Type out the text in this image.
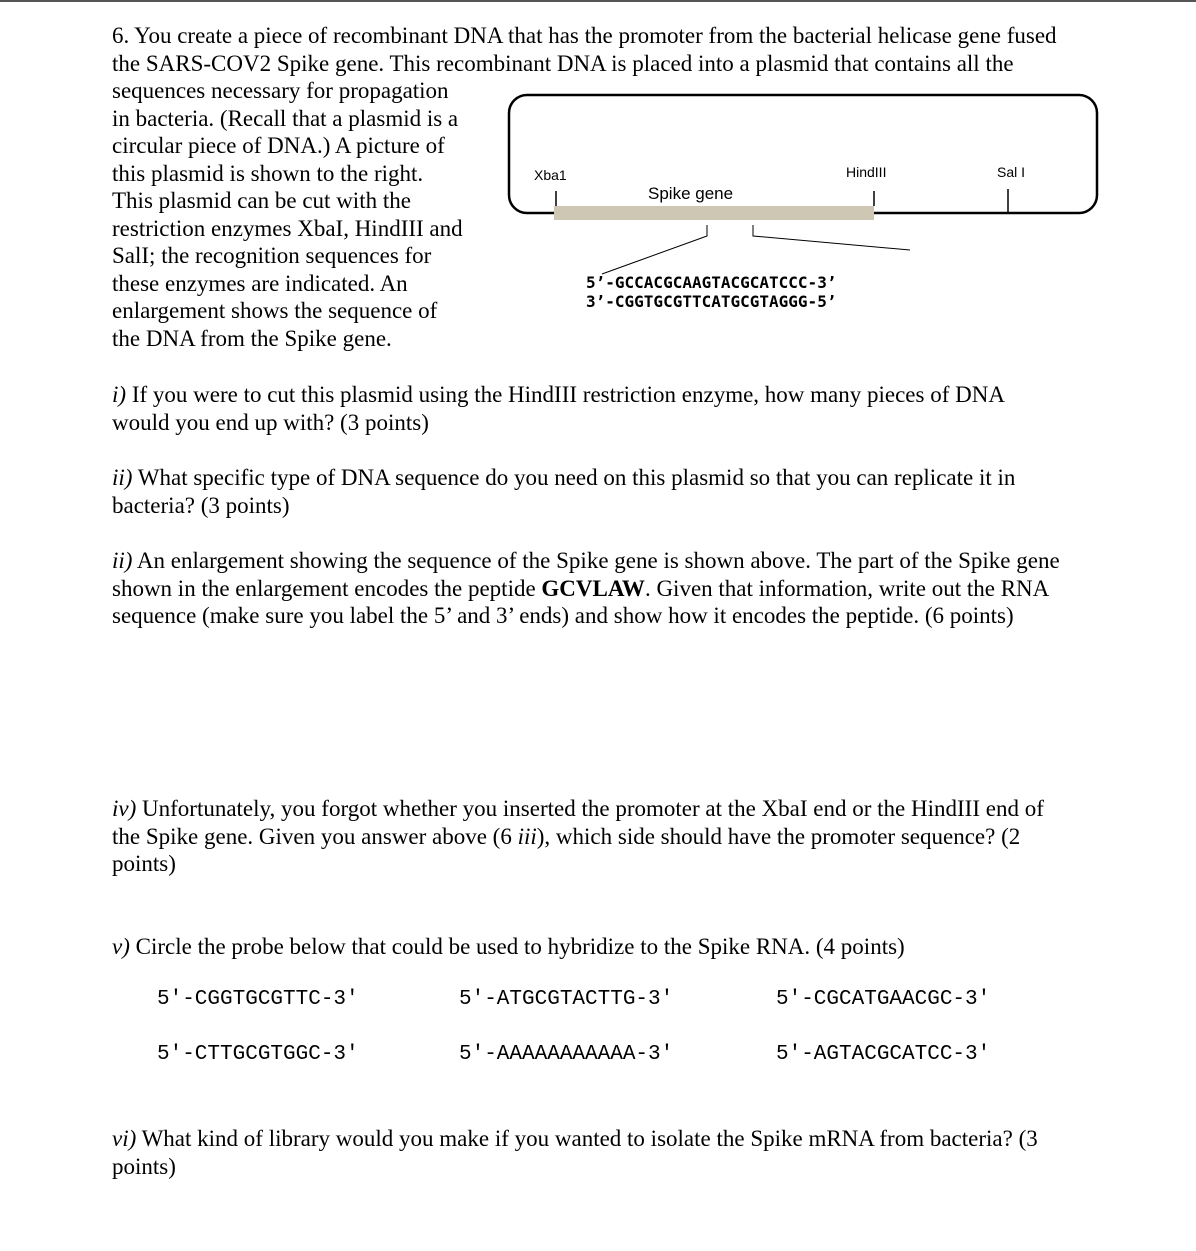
6. You create a piece of recombinant DNA that has the promoter from the bacterial helicase gene fused
the SARS-COV2 Spike gene. This recombinant DNA is placed into a plasmid that contains all the
sequences necessary for propagation
in bacteria. (Recall that a plasmid is a
circular piece of DNA.) A picture of
this plasmid is shown to the right.
This plasmid can be cut with the
restriction enzymes XbaI, HindIII and
SalI; the recognition sequences for
these enzymes are indicated. An
enlargement shows the sequence of
the DNA from the Spike gene.
Xba1	HindIII	Sal I
Spike gene
5’-GCCACGCAAGTACGCATCCC-3’
3’-CGGTGCGTTCATGCGTAGGG-5’
i) If you were to cut this plasmid using the HindIII restriction enzyme, how many pieces of DNA
would you end up with? (3 points)
ii) What specific type of DNA sequence do you need on this plasmid so that you can replicate it in
bacteria? (3 points)
ii) An enlargement showing the sequence of the Spike gene is shown above. The part of the Spike gene
shown in the enlargement encodes the peptide GCVLAW. Given that information, write out the RNA
sequence (make sure you label the 5’ and 3’ ends) and show how it encodes the peptide. (6 points)
iv) Unfortunately, you forgot whether you inserted the promoter at the XbaI end or the HindIII end of
the Spike gene. Given you answer above (6 iii), which side should have the promoter sequence? (2
points)
v) Circle the probe below that could be used to hybridize to the Spike RNA. (4 points)
5'-CGGTGCGTTC-3'	5'-ATGCGTACTTG-3'	5'-CGCATGAACGC-3'
5'-CTTGCGTGGC-3'	5'-AAAAAAAAAAA-3'	5'-AGTACGCATCC-3'
vi) What kind of library would you make if you wanted to isolate the Spike mRNA from bacteria? (3
points)
